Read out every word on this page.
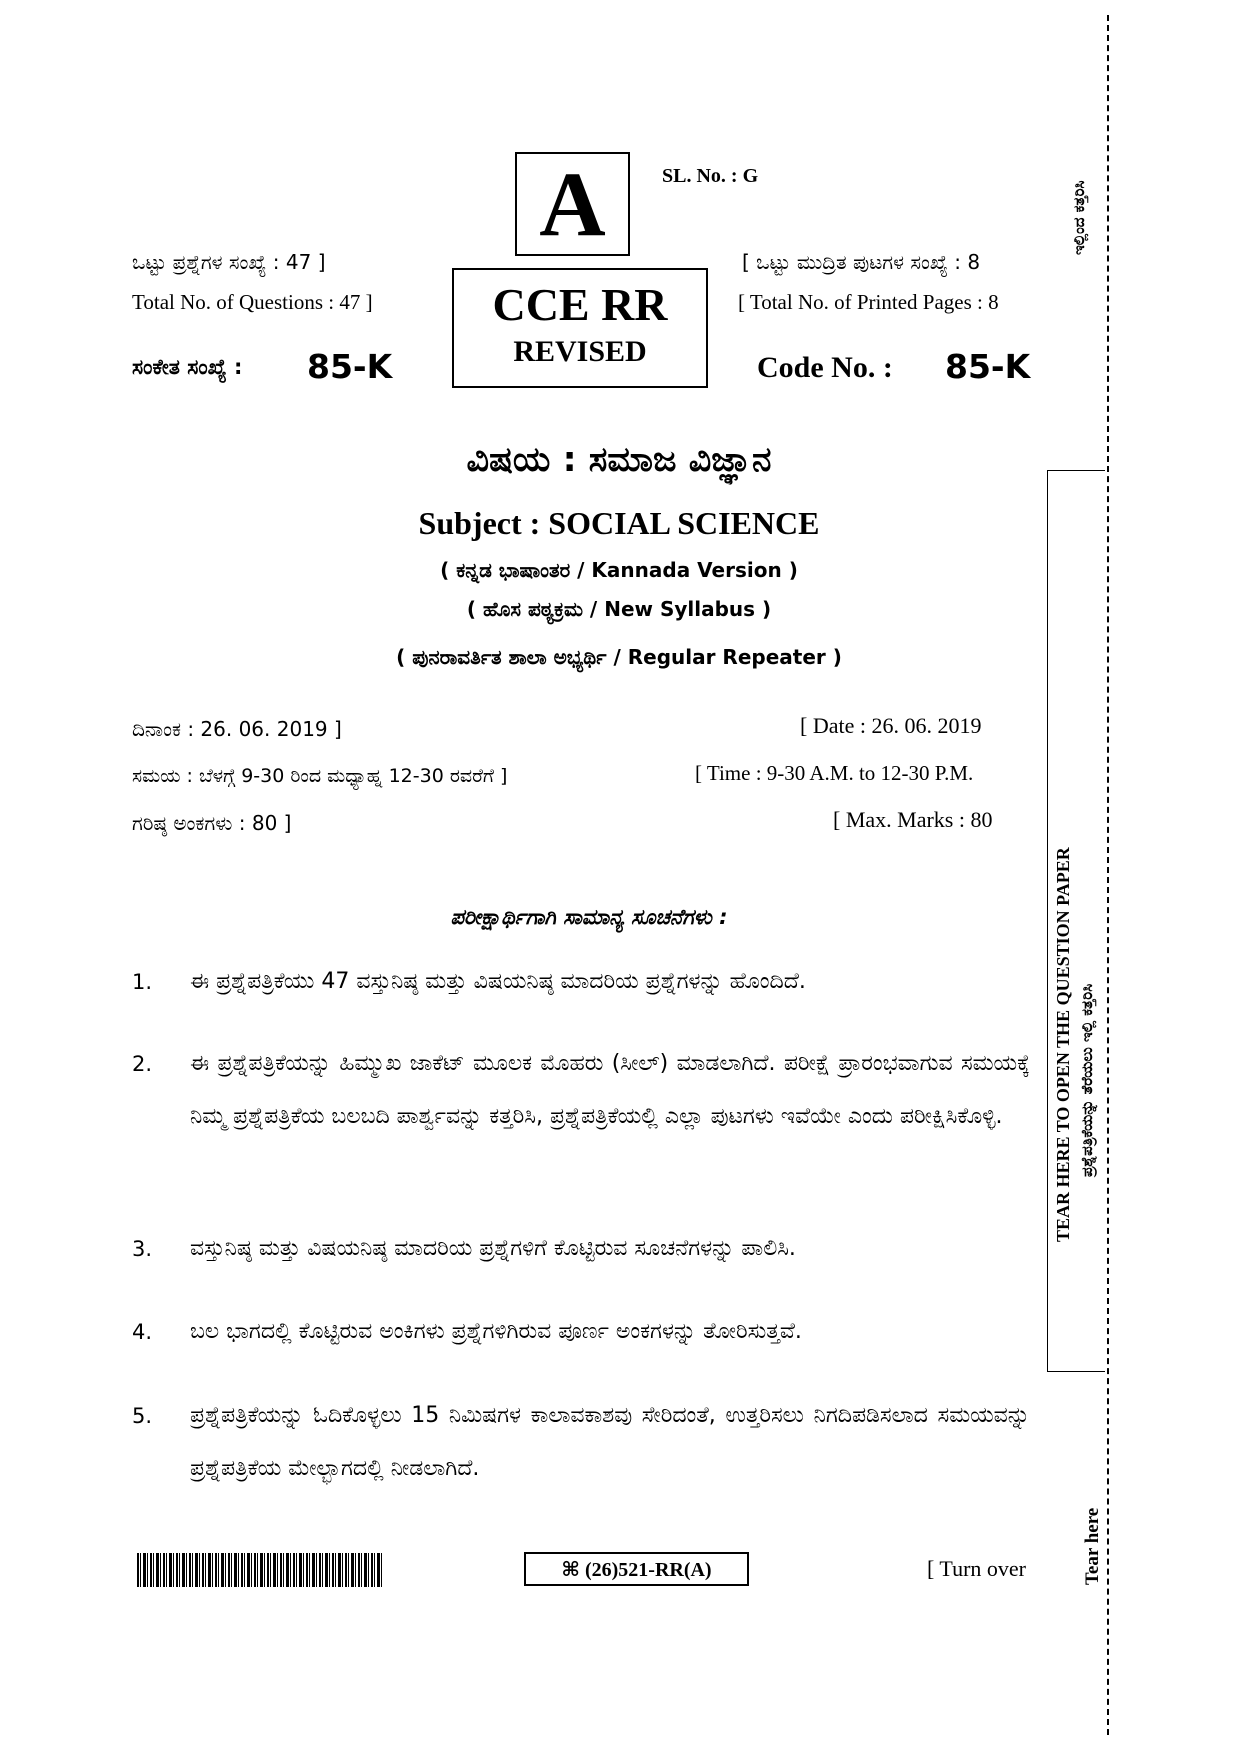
A	SL. No. : G
ಒಟ್ಟು ಪ್ರಶ್ನೆಗಳ ಸಂಖ್ಯೆ : 47 ]
Total No. of Questions : 47 ]
[ ಒಟ್ಟು ಮುದ್ರಿತ ಪುಟಗಳ ಸಂಖ್ಯೆ : 8
[ Total No. of Printed Pages : 8
CCE RR
REVISED
ಸಂಕೇತ ಸಂಖ್ಯೆ : 85-K	Code No. : 85-K
ವಿಷಯ : ಸಮಾಜ ವಿಜ್ಞಾನ
Subject : SOCIAL SCIENCE
( ಕನ್ನಡ ಭಾಷಾಂತರ / Kannada Version )
( ಹೊಸ ಪಠ್ಯಕ್ರಮ / New Syllabus )
( ಪುನರಾವರ್ತಿತ ಶಾಲಾ ಅಭ್ಯರ್ಥಿ / Regular Repeater )
ದಿನಾಂಕ : 26. 06. 2019 ]	[ Date : 26. 06. 2019
ಸಮಯ : ಬೆಳಗ್ಗೆ 9-30 ರಿಂದ ಮಧ್ಯಾಹ್ನ 12-30 ರವರೆಗೆ ]	[ Time : 9-30 A.M. to 12-30 P.M.
ಗರಿಷ್ಠ ಅಂಕಗಳು : 80 ]	[ Max. Marks : 80
ಪರೀಕ್ಷಾರ್ಥಿಗಾಗಿ ಸಾಮಾನ್ಯ ಸೂಚನೆಗಳು :
1. ಈ ಪ್ರಶ್ನೆಪತ್ರಿಕೆಯು 47 ವಸ್ತುನಿಷ್ಠ ಮತ್ತು ವಿಷಯನಿಷ್ಠ ಮಾದರಿಯ ಪ್ರಶ್ನೆಗಳನ್ನು ಹೊಂದಿದೆ.
2. ಈ ಪ್ರಶ್ನೆಪತ್ರಿಕೆಯನ್ನು ಹಿಮ್ಮುಖ ಜಾಕೆಟ್ ಮೂಲಕ ಮೊಹರು (ಸೀಲ್) ಮಾಡಲಾಗಿದೆ. ಪರೀಕ್ಷೆ ಪ್ರಾರಂಭವಾಗುವ ಸಮಯಕ್ಕೆ ನಿಮ್ಮ ಪ್ರಶ್ನೆಪತ್ರಿಕೆಯ ಬಲಬದಿ ಪಾರ್ಶ್ವವನ್ನು ಕತ್ತರಿಸಿ, ಪ್ರಶ್ನೆಪತ್ರಿಕೆಯಲ್ಲಿ ಎಲ್ಲಾ ಪುಟಗಳು ಇವೆಯೇ ಎಂದು ಪರೀಕ್ಷಿಸಿಕೊಳ್ಳಿ.
3. ವಸ್ತುನಿಷ್ಠ ಮತ್ತು ವಿಷಯನಿಷ್ಠ ಮಾದರಿಯ ಪ್ರಶ್ನೆಗಳಿಗೆ ಕೊಟ್ಟಿರುವ ಸೂಚನೆಗಳನ್ನು ಪಾಲಿಸಿ.
4. ಬಲ ಭಾಗದಲ್ಲಿ ಕೊಟ್ಟಿರುವ ಅಂಕಿಗಳು ಪ್ರಶ್ನೆಗಳಿಗಿರುವ ಪೂರ್ಣ ಅಂಕಗಳನ್ನು ತೋರಿಸುತ್ತವೆ.
5. ಪ್ರಶ್ನೆಪತ್ರಿಕೆಯನ್ನು ಓದಿಕೊಳ್ಳಲು 15 ನಿಮಿಷಗಳ ಕಾಲಾವಕಾಶವು ಸೇರಿದಂತೆ, ಉತ್ತರಿಸಲು ನಿಗದಿಪಡಿಸಲಾದ ಸಮಯವನ್ನು ಪ್ರಶ್ನೆಪತ್ರಿಕೆಯ ಮೇಲ್ಭಾಗದಲ್ಲಿ ನೀಡಲಾಗಿದೆ.
⌘ (26)521-RR(A)	[ Turn over
ಇಲ್ಲಿಂದ ಕತ್ತರಿಸಿ
TEAR HERE TO OPEN THE QUESTION PAPER ಪ್ರಶ್ನೆಪತ್ರಿಕೆಯನ್ನು ತೆರೆಯಲು ಇಲ್ಲಿ ಕತ್ತರಿಸಿ
Tear here
